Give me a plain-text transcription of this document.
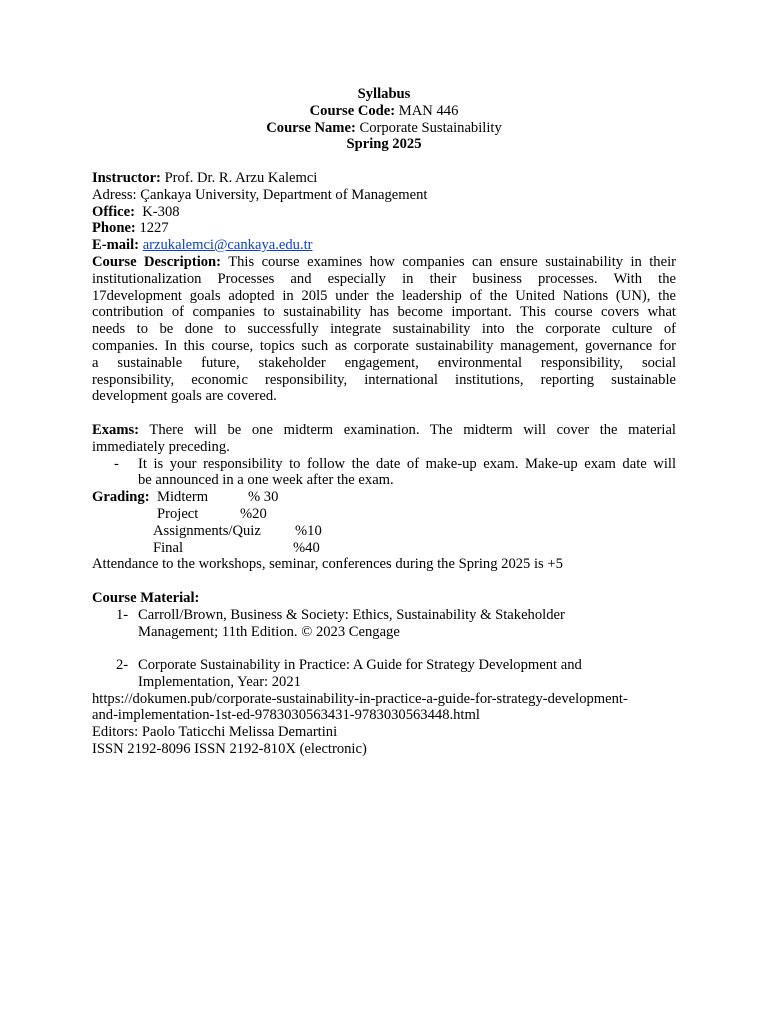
Syllabus
Course Code: MAN 446
Course Name: Corporate Sustainability
Spring 2025
Instructor: Prof. Dr. R. Arzu Kalemci
Adress: Çankaya University, Department of Management
Office: K-308
Phone: 1227
E-mail: arzukalemci@cankaya.edu.tr
Course Description: This course examines how companies can ensure sustainability in their
institutionalization Processes and especially in their business processes. With the
17development goals adopted in 20l5 under the leadership of the United Nations (UN), the
contribution of companies to sustainability has become important. This course covers what
needs to be done to successfully integrate sustainability into the corporate culture of
companies. In this course, topics such as corporate sustainability management, governance for
a sustainable future, stakeholder engagement, environmental responsibility, social
responsibility, economic responsibility, international institutions, reporting sustainable
development goals are covered.
Exams: There will be one midterm examination. The midterm will cover the material
immediately preceding.
- It is your responsibility to follow the date of make-up exam. Make-up exam date will
be announced in a one week after the exam.
Grading: Midterm	% 30
Project	%20
Assignments/Quiz %10
Final	%40
Attendance to the workshops, seminar, conferences during the Spring 2025 is +5
Course Material:
1- Carroll/Brown, Business & Society: Ethics, Sustainability & Stakeholder
Management; 11th Edition. © 2023 Cengage
2- Corporate Sustainability in Practice: A Guide for Strategy Development and
Implementation, Year: 2021
https://dokumen.pub/corporate-sustainability-in-practice-a-guide-for-strategy-development-
and-implementation-1st-ed-9783030563431-9783030563448.html
Editors: Paolo Taticchi Melissa Demartini
ISSN 2192-8096 ISSN 2192-810X (electronic)
